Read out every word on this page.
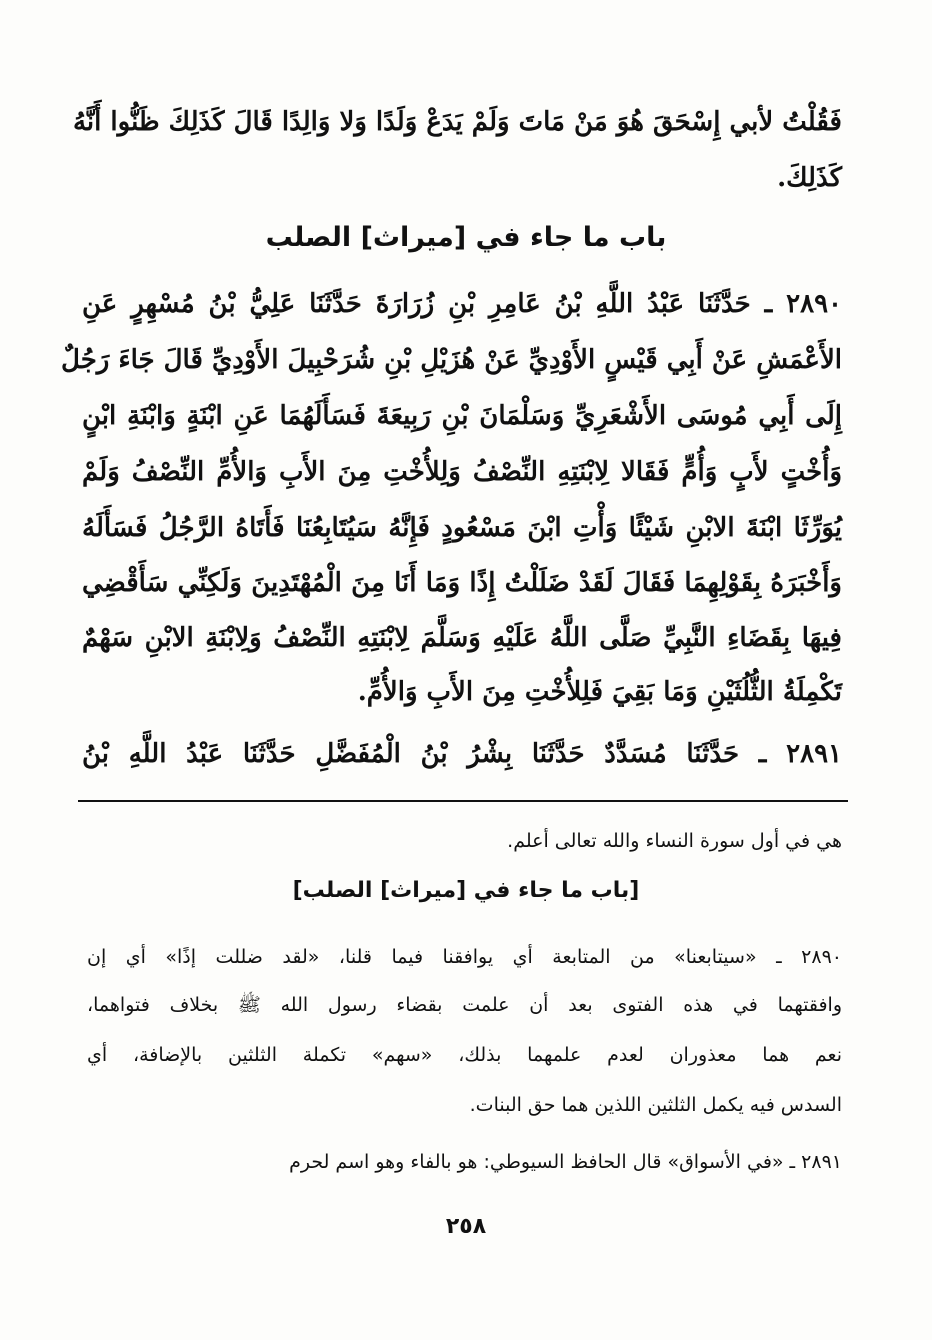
فَقُلْتُ لأبي إِسْحَقَ هُوَ مَنْ مَاتَ وَلَمْ يَدَعْ وَلَدًا وَلا وَالِدًا قَالَ كَذَلِكَ ظَنُّوا أَنَّهُ
كَذَلِكَ.
باب ما جاء في [ميراث] الصلب
٢٨٩٠ ـ حَدَّثَنَا عَبْدُ اللَّهِ بْنُ عَامِرِ بْنِ زُرَارَةَ حَدَّثَنَا عَلِيُّ بْنُ مُسْهِرٍ عَنِ
الأَعْمَشِ عَنْ أَبِي قَيْسٍ الأَوْدِيِّ عَنْ هُزَيْلِ بْنِ شُرَحْبِيلَ الأَوْدِيِّ قَالَ جَاءَ رَجُلٌ
إِلَى أَبِي مُوسَى الأَشْعَرِيِّ وَسَلْمَانَ بْنِ رَبِيعَةَ فَسَأَلَهُمَا عَنِ ابْنَةٍ وَابْنَةِ ابْنٍ
وَأُخْتٍ لأَبٍ وَأُمٍّ فَقَالا لِابْنَتِهِ النِّصْفُ وَلِلأُخْتِ مِنَ الأَبِ وَالأُمِّ النِّصْفُ وَلَمْ
يُوَرِّثَا ابْنَةَ الابْنِ شَيْئًا وَأْتِ ابْنَ مَسْعُودٍ فَإِنَّهُ سَيُتَابِعُنَا فَأَتَاهُ الرَّجُلُ فَسَأَلَهُ
وَأَخْبَرَهُ بِقَوْلِهِمَا فَقَالَ لَقَدْ ضَلَلْتُ إِذًا وَمَا أَنَا مِنَ الْمُهْتَدِينَ وَلَكِنِّي سَأَقْضِي
فِيهَا بِقَضَاءِ النَّبِيِّ صَلَّى اللَّهُ عَلَيْهِ وَسَلَّمَ لِابْنَتِهِ النِّصْفُ وَلِابْنَةِ الابْنِ سَهْمٌ
تَكْمِلَةُ الثُّلُثَيْنِ وَمَا بَقِيَ فَلِلأُخْتِ مِنَ الأَبِ وَالأُمِّ.
٢٨٩١ ـ حَدَّثَنَا مُسَدَّدٌ حَدَّثَنَا بِشْرُ بْنُ الْمُفَضَّلِ حَدَّثَنَا عَبْدُ اللَّهِ بْنُ
هي في أول سورة النساء والله تعالى أعلم.
[باب ما جاء في [ميراث] الصلب]
٢٨٩٠ ـ «سيتابعنا» من المتابعة أي يوافقنا فيما قلنا، «لقد ضللت إذًا» أي إن
وافقتهما في هذه الفتوى بعد أن علمت بقضاء رسول الله ﷺ بخلاف فتواهما،
نعم هما معذوران لعدم علمهما بذلك، «سهم» تكملة الثلثين بالإضافة، أي
السدس فيه يكمل الثلثين اللذين هما حق البنات.
٢٨٩١ ـ «في الأسواق» قال الحافظ السيوطي: هو بالفاء وهو اسم لحرم
٢٥٨
